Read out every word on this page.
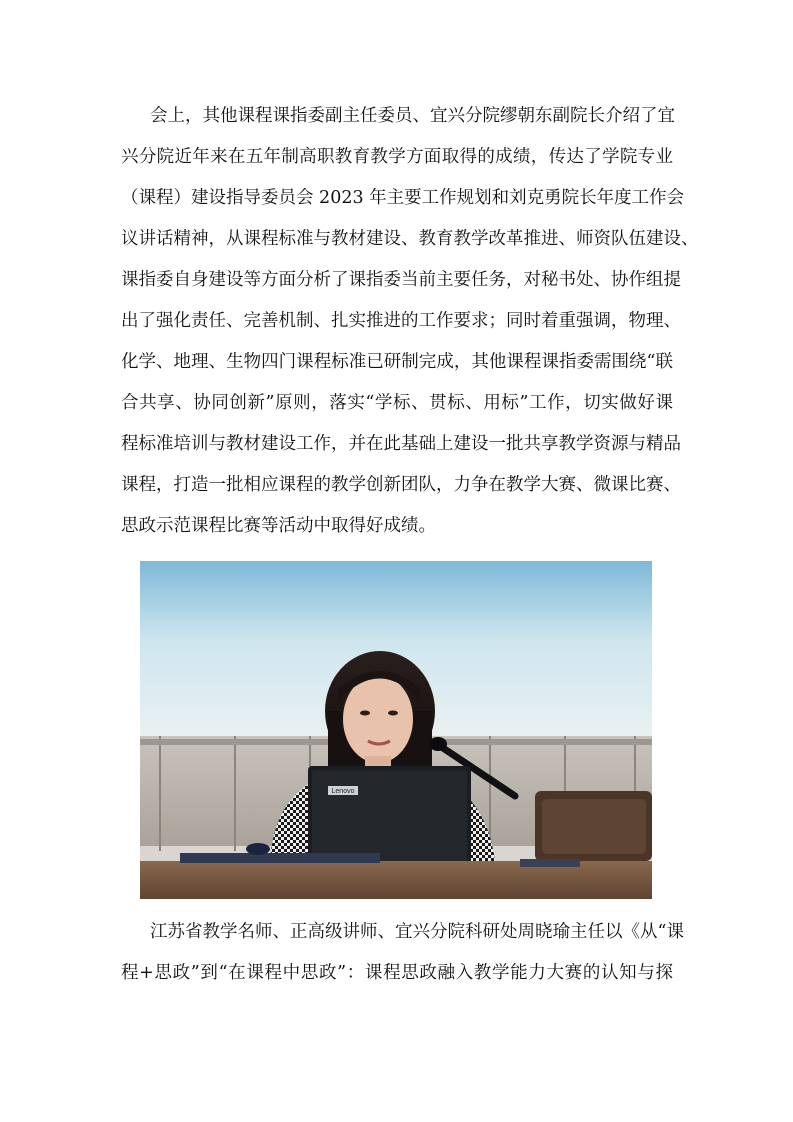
会上，其他课程课指委副主任委员、宜兴分院缪朝东副院长介绍了宜
兴分院近年来在五年制高职教育教学方面取得的成绩，传达了学院专业
（课程）建设指导委员会 2023 年主要工作规划和刘克勇院长年度工作会
议讲话精神，从课程标准与教材建设、教育教学改革推进、师资队伍建设、
课指委自身建设等方面分析了课指委当前主要任务，对秘书处、协作组提
出了强化责任、完善机制、扎实推进的工作要求；同时着重强调，物理、
化学、地理、生物四门课程标准已研制完成，其他课程课指委需围绕“联
合共享、协同创新”原则，落实“学标、贯标、用标”工作，切实做好课
程标准培训与教材建设工作，并在此基础上建设一批共享教学资源与精品
课程，打造一批相应课程的教学创新团队，力争在教学大赛、微课比赛、
思政示范课程比赛等活动中取得好成绩。
Lenovo
江苏省教学名师、正高级讲师、宜兴分院科研处周晓瑜主任以《从“课
程+思政”到“在课程中思政”：课程思政融入教学能力大赛的认知与探
